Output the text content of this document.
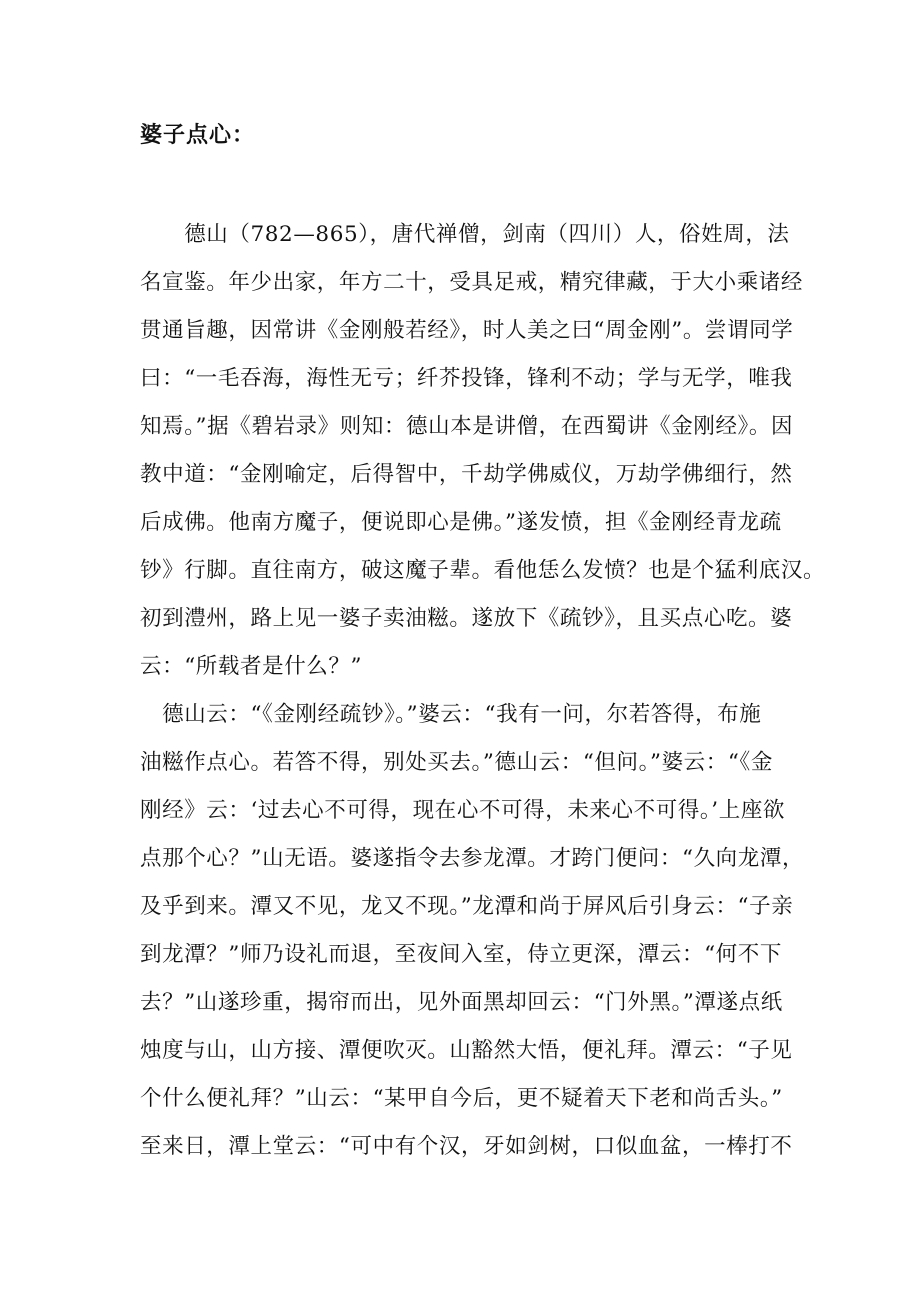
婆子点心：
　　德山（782—865），唐代禅僧，剑南（四川）人，俗姓周，法
名宣鉴。年少出家，年方二十，受具足戒，精究律藏，于大小乘诸经
贯通旨趣，因常讲《金刚般若经》，时人美之曰“周金刚”。尝谓同学
曰：“一毛吞海，海性无亏；纤芥投锋，锋利不动；学与无学，唯我
知焉。”据《碧岩录》则知：德山本是讲僧，在西蜀讲《金刚经》。因
教中道：“金刚喻定，后得智中，千劫学佛威仪，万劫学佛细行，然
后成佛。他南方魔子，便说即心是佛。”遂发愤，担《金刚经青龙疏
钞》行脚。直往南方，破这魔子辈。看他恁么发愤？也是个猛利底汉。
初到澧州，路上见一婆子卖油糍。遂放下《疏钞》，且买点心吃。婆
云：“所载者是什么？”
　德山云：“《金刚经疏钞》。”婆云：“我有一问，尔若答得，布施
油糍作点心。若答不得，别处买去。”德山云：“但问。”婆云：“《金
刚经》云：‘过去心不可得，现在心不可得，未来心不可得。’上座欲
点那个心？”山无语。婆遂指令去参龙潭。才跨门便问：“久向龙潭，
及乎到来。潭又不见，龙又不现。”龙潭和尚于屏风后引身云：“子亲
到龙潭？”师乃设礼而退，至夜间入室，侍立更深，潭云：“何不下
去？”山遂珍重，揭帘而出，见外面黑却回云：“门外黑。”潭遂点纸
烛度与山，山方接、潭便吹灭。山豁然大悟，便礼拜。潭云：“子见
个什么便礼拜？”山云：“某甲自今后，更不疑着天下老和尚舌头。”
至来日，潭上堂云：“可中有个汉，牙如剑树，口似血盆，一棒打不
